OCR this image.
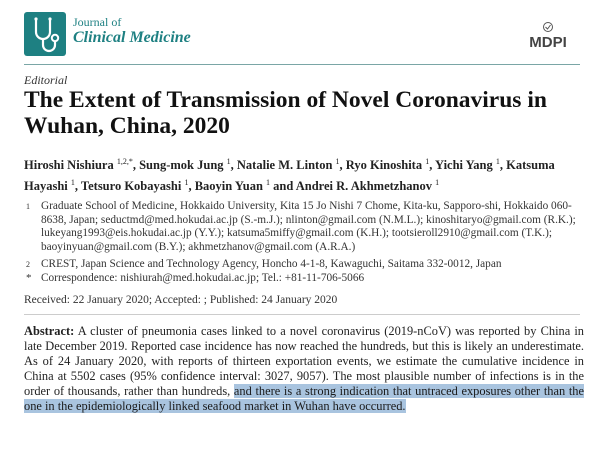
Journal of
Clinical Medicine	MDPI
Editorial
The Extent of Transmission of Novel Coronavirus in Wuhan, China, 2020
Hiroshi Nishiura $^{1,2,*}$, Sung-mok Jung $^1$, Natalie M. Linton $^1$, Ryo Kinoshita $^1$, Yichi Yang $^1$, Katsuma Hayashi $^1$, Tetsuro Kobayashi $^1$, Baoyin Yuan $^1$ and Andrei R. Akhmetzhanov $^1$
1 Graduate School of Medicine, Hokkaido University, Kita 15 Jo Nishi 7 Chome, Kita-ku, Sapporo-shi, Hokkaido 060-8638, Japan; seductmd@med.hokudai.ac.jp (S.-m.J.); nlinton@gmail.com (N.M.L.); kinoshitaryo@gmail.com (R.K.); lukeyang1993@eis.hokudai.ac.jp (Y.Y.); katsuma5miffy@gmail.com (K.H.); tootsieroll2910@gmail.com (T.K.); baoyinyuan@gmail.com (B.Y.); akhmetzhanov@gmail.com (A.R.A.)
2 CREST, Japan Science and Technology Agency, Honcho 4-1-8, Kawaguchi, Saitama 332-0012, Japan
* Correspondence: nishiurah@med.hokudai.ac.jp; Tel.: +81-11-706-5066
Received: 22 January 2020; Accepted: ; Published: 24 January 2020
Abstract: A cluster of pneumonia cases linked to a novel coronavirus (2019-nCoV) was reported by China in late December 2019. Reported case incidence has now reached the hundreds, but this is likely an underestimate. As of 24 January 2020, with reports of thirteen exportation events, we estimate the cumulative incidence in China at 5502 cases (95% confidence interval: 3027, 9057). The most plausible number of infections is in the order of thousands, rather than hundreds, and there is a strong indication that untraced exposures other than the one in the epidemiologically linked seafood market in Wuhan have occurred.
